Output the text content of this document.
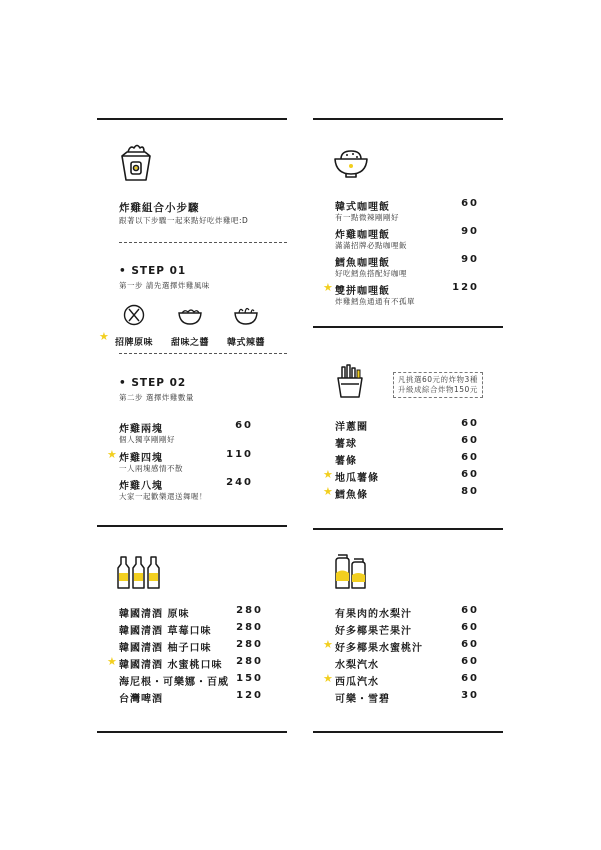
炸雞組合小步驟
跟著以下步驟一起來點好吃炸雞吧:D
• STEP 01
第一步 請先選擇炸雞風味
★ 招牌原味	甜味之醬	韓式辣醬
• STEP 02
第二步 選擇炸雞數量
炸雞兩塊	60
個人獨享剛剛好
★ 炸雞四塊	110
一人兩塊感情不散
炸雞八塊	240
大家一起歡樂還送舞喔！
韓式咖哩飯	60
有一點微辣剛剛好
炸雞咖哩飯	90
滿滿招牌必點咖哩飯
鱈魚咖哩飯	90
好吃鱈魚搭配好咖哩
★ 雙拼咖哩飯	120
炸雞鱈魚通通有不孤單
凡挑選60元的炸物3種
升級成綜合炸物150元
洋蔥圈	60
薯球	60
薯條	60
★ 地瓜薯條	60
★ 鱈魚條	80
韓國清酒 原味	280
韓國清酒 草莓口味 280
韓國清酒 柚子口味 280
★ 韓國清酒 水蜜桃口味 280
海尼根・可樂娜・百威 150
台灣啤酒	120
有果肉的水梨汁	60
好多椰果芒果汁	60
★ 好多椰果水蜜桃汁	60
水梨汽水	60
★ 西瓜汽水	60
可樂・雪碧	30
